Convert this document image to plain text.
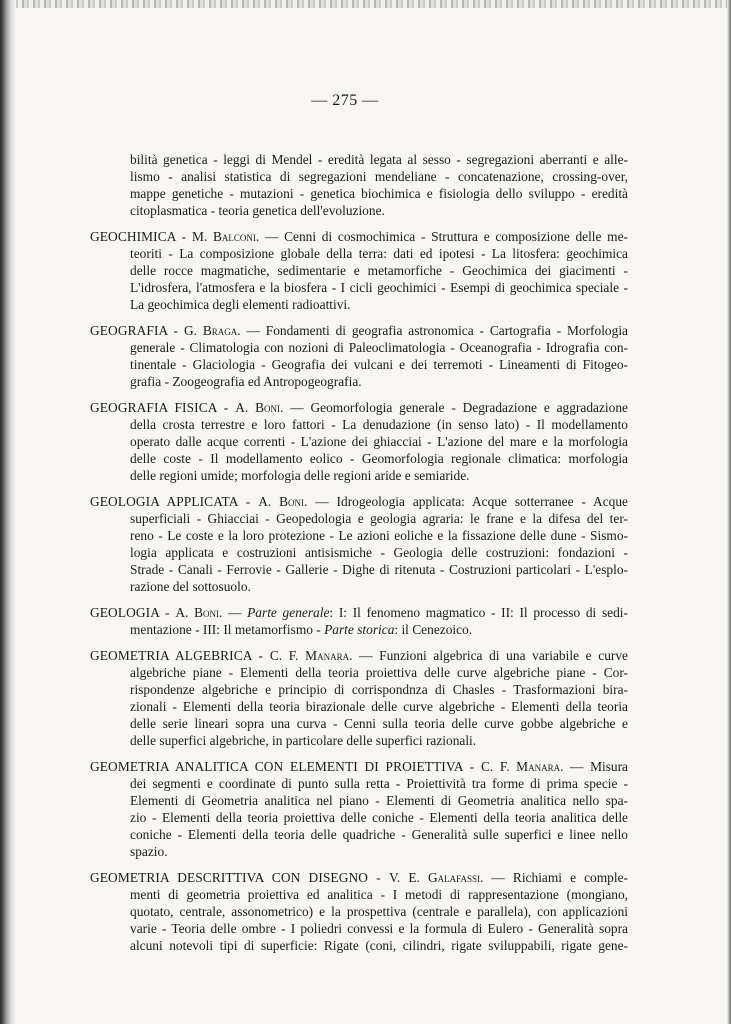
— 275 —
bilità genetica - leggi di Mendel - eredità legata al sesso - segregazioni aberranti e alle-
lismo - analisi statistica di segregazioni mendeliane - concatenazione, crossing-over,
mappe genetiche - mutazioni - genetica biochimica e fisiologia dello sviluppo - eredità
citoplasmatica - teoria genetica dell'evoluzione.
GEOCHIMICA - M. Balconi. — Cenni di cosmochimica - Struttura e composizione delle me-
teoriti - La composizione globale della terra: dati ed ipotesi - La litosfera: geochimica
delle rocce magmatiche, sedimentarie e metamorfiche - Geochimica dei giacimenti -
L'idrosfera, l'atmosfera e la biosfera - I cicli geochimici - Esempi di geochimica speciale -
La geochimica degli elementi radioattivi.
GEOGRAFIA - G. Braga. — Fondamenti di geografia astronomica - Cartografia - Morfologia
generale - Climatologia con nozioni di Paleoclimatologia - Oceanografia - Idrografia con-
tinentale - Glaciologia - Geografia dei vulcani e dei terremoti - Lineamenti di Fitogeo-
grafia - Zoogeografia ed Antropogeografia.
GEOGRAFIA FISICA - A. Boni. — Geomorfologia generale - Degradazione e aggradazione
della crosta terrestre e loro fattori - La denudazione (in senso lato) - Il modellamento
operato dalle acque correnti - L'azione dei ghiacciai - L'azione del mare e la morfologia
delle coste - Il modellamento eolico - Geomorfologia regionale climatica: morfologia
delle regioni umide; morfologia delle regioni aride e semiaride.
GEOLOGIA APPLICATA - A. Boni. — Idrogeologia applicata: Acque sotterranee - Acque
superficiali - Ghiacciai - Geopedologia e geologia agraria: le frane e la difesa del ter-
reno - Le coste e la loro protezione - Le azioni eoliche e la fissazione delle dune - Sismo-
logia applicata e costruzioni antisismiche - Geologia delle costruzioni: fondazioni -
Strade - Canali - Ferrovie - Gallerie - Dighe di ritenuta - Costruzioni particolari - L'esplo-
razione del sottosuolo.
GEOLOGIA - A. Boni. — Parte generale: I: Il fenomeno magmatico - II: Il processo di sedi-
mentazione - III: Il metamorfismo - Parte storica: il Cenezoico.
GEOMETRIA ALGEBRICA - C. F. Manara. — Funzioni algebrica di una variabile e curve
algebriche piane - Elementi della teoria proiettiva delle curve algebriche piane - Cor-
rispondenze algebriche e principio di corrispondnza di Chasles - Trasformazioni bira-
zionali - Elementi della teoria birazionale delle curve algebriche - Elementi della teoria
delle serie lineari sopra una curva - Cenni sulla teoria delle curve gobbe algebriche e
delle superfici algebriche, in particolare delle superfici razionali.
GEOMETRIA ANALITICA CON ELEMENTI DI PROIETTIVA - C. F. Manara. — Misura
dei segmenti e coordinate di punto sulla retta - Proiettività tra forme di prima specie -
Elementi di Geometria analitica nel piano - Elementi di Geometria analitica nello spa-
zio - Elementi della teoria proiettiva delle coniche - Elementi della teoria analitica delle
coniche - Elementi della teoria delle quadriche - Generalità sulle superfici e linee nello
spazio.
GEOMETRIA DESCRITTIVA CON DISEGNO - V. E. Galafassi. — Richiami e comple-
menti di geometria proiettiva ed analitica - I metodi di rappresentazione (mongiano,
quotato, centrale, assonometrico) e la prospettiva (centrale e parallela), con applicazioni
varie - Teoria delle ombre - I poliedri convessi e la formula di Eulero - Generalità sopra
alcuni notevoli tipi di superficie: Rigate (coni, cilindri, rigate sviluppabili, rigate gene-
